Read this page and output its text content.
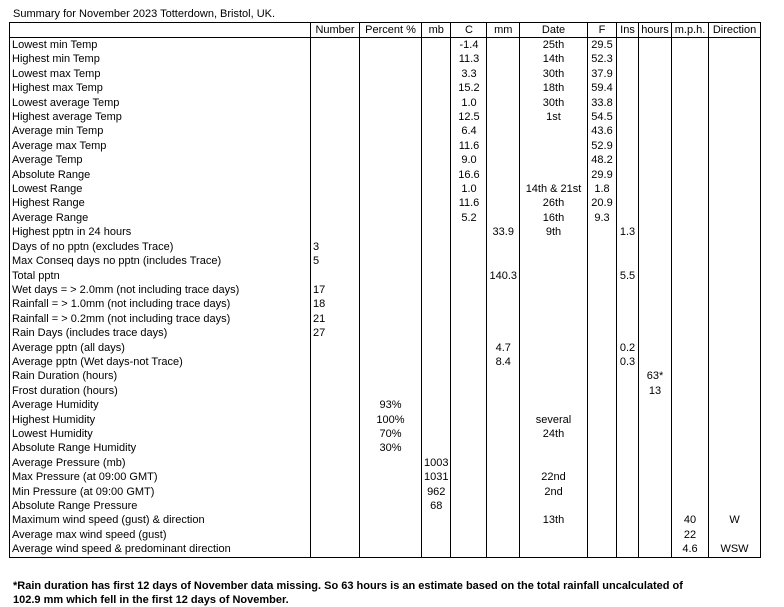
Summary for November 2023 Totterdown, Bristol, UK.
	Number	Percent %	mb	C	mm	Date	F	Ins	hours	m.p.h.	Direction
Lowest min Temp				-1.4		25th	29.5				
Highest min Temp				11.3		14th	52.3				
Lowest max Temp				3.3		30th	37.9				
Highest max Temp				15.2		18th	59.4				
Lowest average Temp				1.0		30th	33.8				
Highest average Temp				12.5		1st	54.5				
Average min Temp				6.4			43.6				
Average max Temp				11.6			52.9				
Average Temp				9.0			48.2				
Absolute Range				16.6			29.9				
Lowest Range				1.0		14th & 21st	1.8				
Highest Range				11.6		26th	20.9				
Average Range				5.2		16th	9.3				
Highest pptn in 24 hours					33.9	9th		1.3			
Days of no pptn (excludes Trace)	3										
Max Conseq days no pptn (includes Trace)	5										
Total pptn					140.3			5.5			
Wet days = > 2.0mm (not including trace days)	17										
Rainfall = > 1.0mm (not including trace days)	18										
Rainfall = > 0.2mm (not including trace days)	21										
Rain Days (includes trace days)	27										
Average pptn (all days)					4.7			0.2			
Average pptn (Wet days-not Trace)					8.4			0.3			
Rain Duration (hours)									63*		
Frost duration (hours)									13		
Average Humidity		93%									
Highest Humidity		100%				several					
Lowest Humidity		70%				24th					
Absolute Range Humidity		30%									
Average Pressure (mb)			1003								
Max Pressure (at 09:00 GMT)			1031			22nd					
Min Pressure (at 09:00 GMT)			962			2nd					
Absolute Range Pressure			68								
Maximum wind speed (gust) & direction						13th				40	W
Average max wind speed (gust)										22	
Average wind speed & predominant direction										4.6	WSW
*Rain duration has first 12 days of November data missing. So 63 hours is an estimate based on the total rainfall uncalculated of 102.9 mm which fell in the first 12 days of November.
